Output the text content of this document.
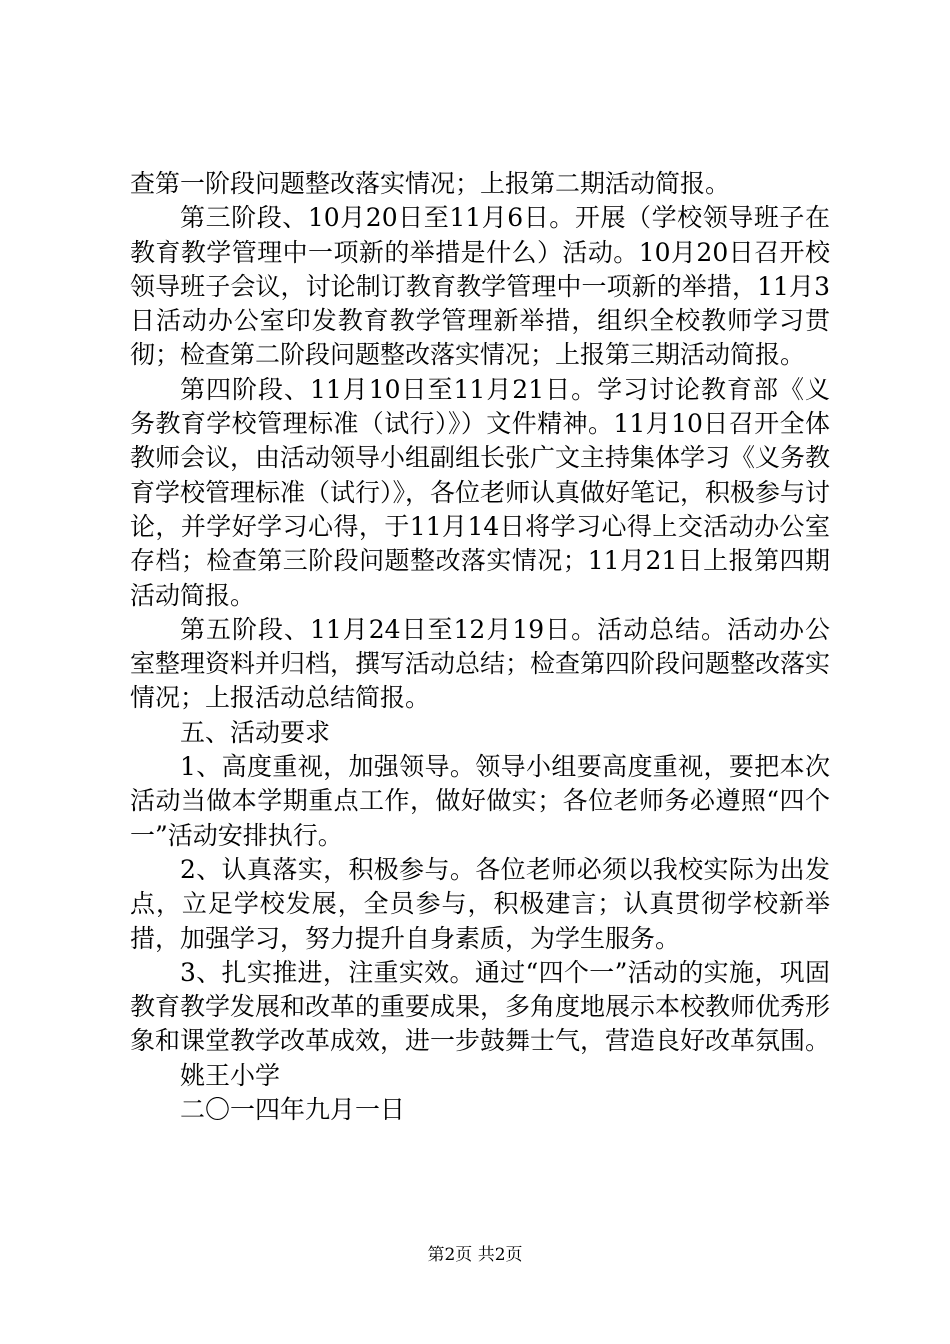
查第一阶段问题整改落实情况；上报第二期活动简报。

第三阶段、10月20日至11月6日。开展（学校领导班子在教育教学管理中一项新的举措是什么）活动。10月20日召开校领导班子会议，讨论制订教育教学管理中一项新的举措，11月3日活动办公室印发教育教学管理新举措，组织全校教师学习贯彻；检查第二阶段问题整改落实情况；上报第三期活动简报。

第四阶段、11月10日至11月21日。学习讨论教育部《义务教育学校管理标准（试行）》）文件精神。11月10日召开全体教师会议，由活动领导小组副组长张广文主持集体学习《义务教育学校管理标准（试行）》，各位老师认真做好笔记，积极参与讨论，并学好学习心得，于11月14日将学习心得上交活动办公室存档；检查第三阶段问题整改落实情况；11月21日上报第四期活动简报。

第五阶段、11月24日至12月19日。活动总结。活动办公室整理资料并归档，撰写活动总结；检查第四阶段问题整改落实情况；上报活动总结简报。

五、活动要求

1、高度重视，加强领导。领导小组要高度重视，要把本次活动当做本学期重点工作，做好做实；各位老师务必遵照“四个一”活动安排执行。

2、认真落实，积极参与。各位老师必须以我校实际为出发点，立足学校发展，全员参与，积极建言；认真贯彻学校新举措，加强学习，努力提升自身素质，为学生服务。

3、扎实推进，注重实效。通过“四个一”活动的实施，巩固教育教学发展和改革的重要成果，多角度地展示本校教师优秀形象和课堂教学改革成效，进一步鼓舞士气，营造良好改革氛围。

姚王小学

二〇一四年九月一日

第2页 共2页
